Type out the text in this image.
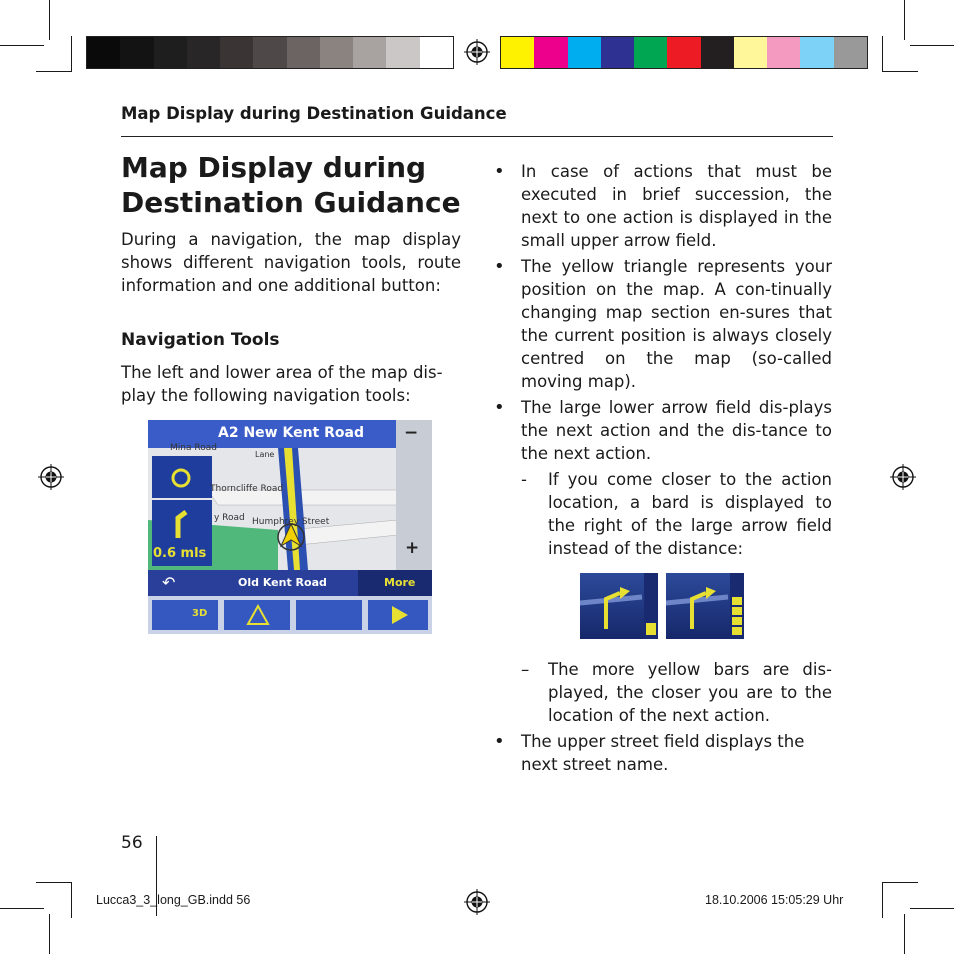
Map Display during Destination Guidance
Map Display during
Destination Guidance
During a navigation, the map display shows different navigation tools, route information and one additional button:
Navigation Tools
The left and lower area of the map dis-play the following navigation tools:
A2 New Kent Road −
+
Mina Road
Thorncliffe Road
y Road Humphrey Street
Lane
0.6 mls
↶	Old Kent Road	More
3D
• In case of actions that must be executed in brief succession, the next to one action is displayed in the small upper arrow field.
• The yellow triangle represents your position on the map. A con-tinually changing map section en-sures that the current position is always closely centred on the map (so-called moving map).
• The large lower arrow field dis-plays the next action and the dis-tance to the next action.
- If you come closer to the action location, a bard is displayed to the right of the large arrow field instead of the distance:
– The more yellow bars are dis-played, the closer you are to the location of the next action.
• The upper street field displays the next street name.
56
Lucca3_3_long_GB.indd 56	18.10.2006 15:05:29 Uhr
